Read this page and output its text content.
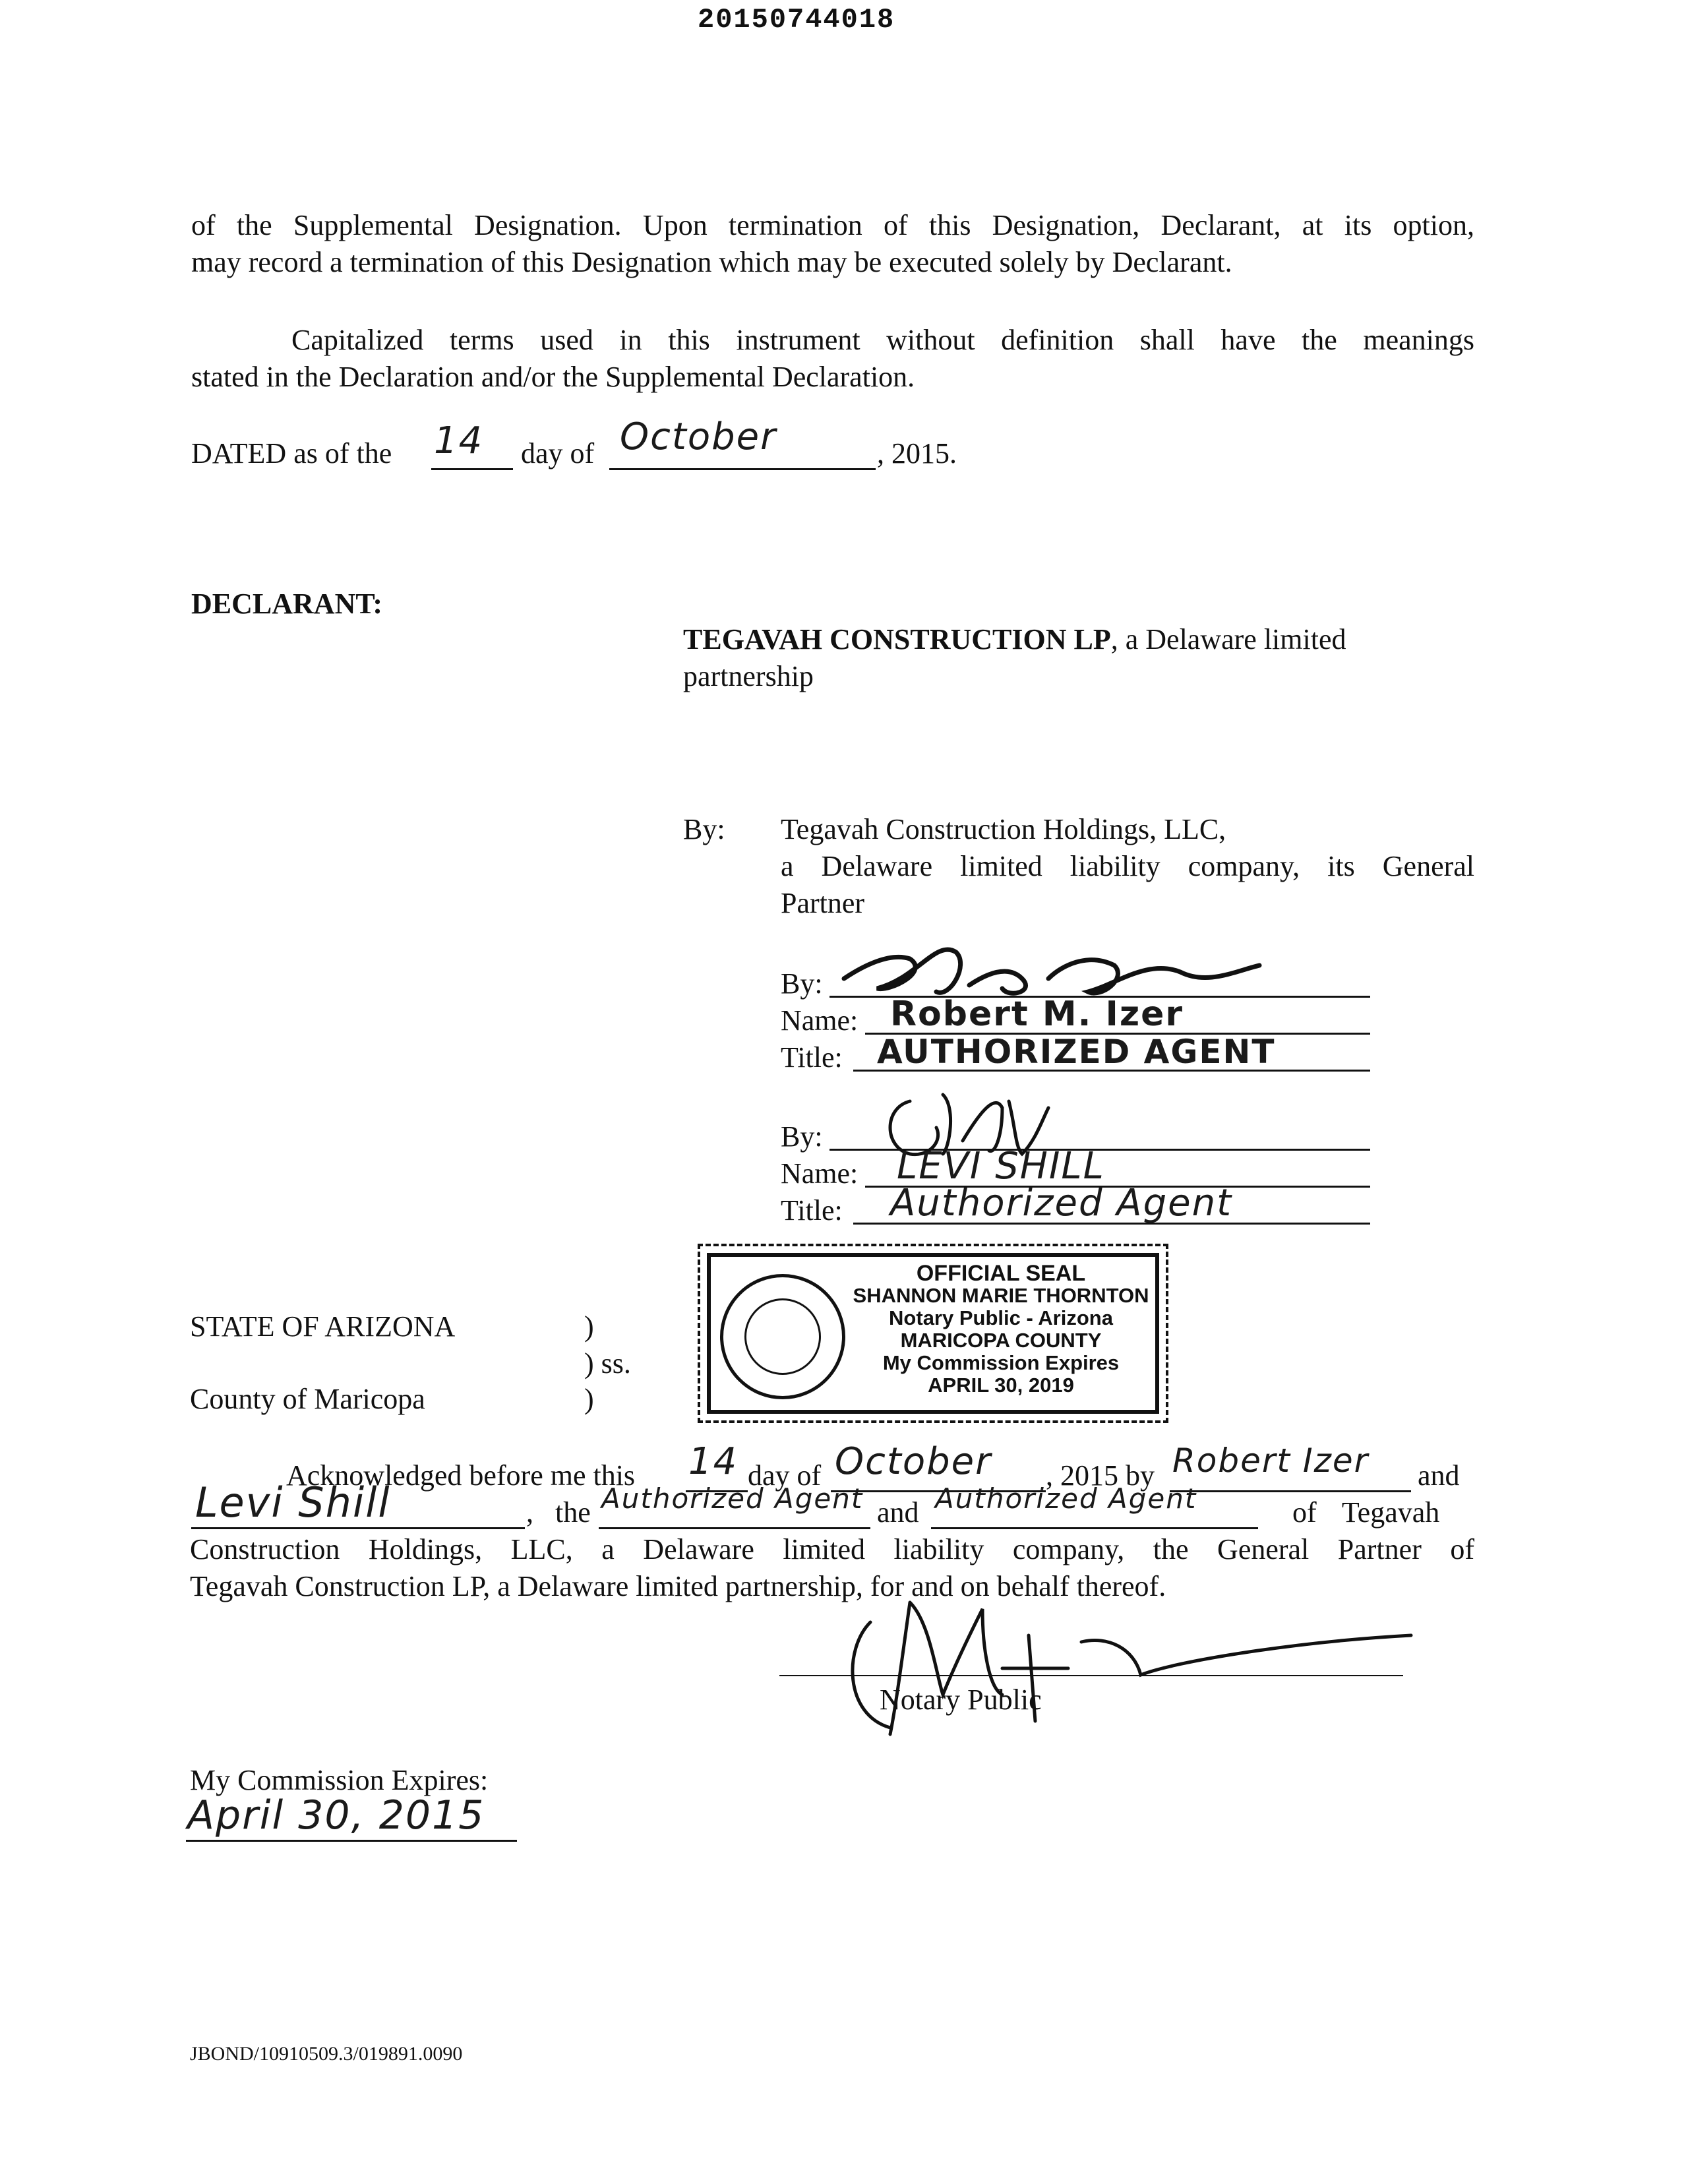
20150744018
of the Supplemental Designation. Upon termination of this Designation, Declarant, at its option,
may record a termination of this Designation which may be executed solely by Declarant.
Capitalized terms used in this instrument without definition shall have the meanings
stated in the Declaration and/or the Supplemental Declaration.
DATED as of the 14 day of October	, 2015.
DECLARANT:
TEGAVAH CONSTRUCTION LP, a Delaware limited
partnership
By: Tegavah Construction Holdings, LLC,
a Delaware limited liability company, its General
Partner
By:
Name: Robert M. Izer
Title: AUTHORIZED AGENT
By:
Name: LEVI SHILL
Title: Authorized Agent
OFFICIAL SEAL
SHANNON MARIE THORNTON
Notary Public - Arizona
MARICOPA COUNTY
My Commission Expires
APRIL 30, 2019
STATE OF ARIZONA	)
) ss.
County of Maricopa	)
Acknowledged before me this 14 day of October , 2015 by Robert Izer and
Levi Shill	, the Authorized Agent and Authorized Agent	of Tegavah
Construction Holdings, LLC, a Delaware limited liability company, the General Partner of
Tegavah Construction LP, a Delaware limited partnership, for and on behalf thereof.
Notary Public
My Commission Expires:
April 30, 2015
JBOND/10910509.3/019891.0090
